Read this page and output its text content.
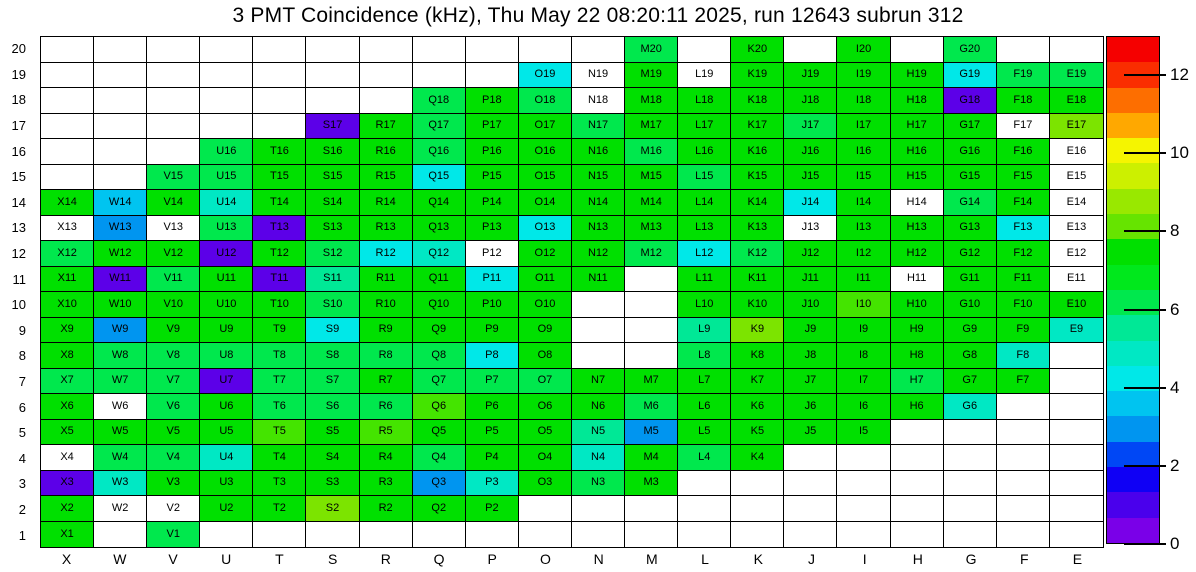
3 PMT Coincidence (kHz), Thu May 22 08:20:11 2025, run 12643 subrun 312
20
19
18
17
16
15
14
13
12
11
10
9
8
7
6
5
4
3
2
1
M20	K20	I20	G20
O19	N19	M19	L19	K19	J19	I19	H19	G19	F19	E19
Q18	P18	O18	N18	M18	L18	K18	J18	I18	H18	G18	F18	E18
S17	R17	Q17	P17	O17	N17	M17	L17	K17	J17	I17	H17	G17	F17	E17
U16	T16	S16	R16	Q16	P16	O16	N16	M16	L16	K16	J16	I16	H16	G16	F16	E16
V15	U15	T15	S15	R15	Q15	P15	O15	N15	M15	L15	K15	J15	I15	H15	G15	F15	E15
X14	W14	V14	U14	T14	S14	R14	Q14	P14	O14	N14	M14	L14	K14	J14	I14	H14	G14	F14	E14
X13	W13	V13	U13	T13	S13	R13	Q13	P13	O13	N13	M13	L13	K13	J13	I13	H13	G13	F13	E13
X12	W12	V12	U12	T12	S12	R12	Q12	P12	O12	N12	M12	L12	K12	J12	I12	H12	G12	F12	E12
X11	W11	V11	U11	T11	S11	R11	Q11	P11	O11	N11	L11	K11	J11	I11	H11	G11	F11	E11
X10	W10	V10	U10	T10	S10	R10	Q10	P10	O10	L10	K10	J10	I10	H10	G10	F10	E10
X9	W9	V9	U9	T9	S9	R9	Q9	P9	O9	L9	K9	J9	I9	H9	G9	F9	E9
X8	W8	V8	U8	T8	S8	R8	Q8	P8	O8	L8	K8	J8	I8	H8	G8	F8
X7	W7	V7	U7	T7	S7	R7	Q7	P7	O7	N7	M7	L7	K7	J7	I7	H7	G7	F7
X6	W6	V6	U6	T6	S6	R6	Q6	P6	O6	N6	M6	L6	K6	J6	I6	H6	G6
X5	W5	V5	U5	T5	S5	R5	Q5	P5	O5	N5	M5	L5	K5	J5	I5
X4	W4	V4	U4	T4	S4	R4	Q4	P4	O4	N4	M4	L4	K4
X3	W3	V3	U3	T3	S3	R3	Q3	P3	O3	N3	M3
X2	W2	V2	U2	T2	S2	R2	Q2	P2
X1	V1
X	W	V	U	T	S	R	Q	P	O	N	M	L	K	J	I	H	G	F	E
0
2
4
6
8
10
12
